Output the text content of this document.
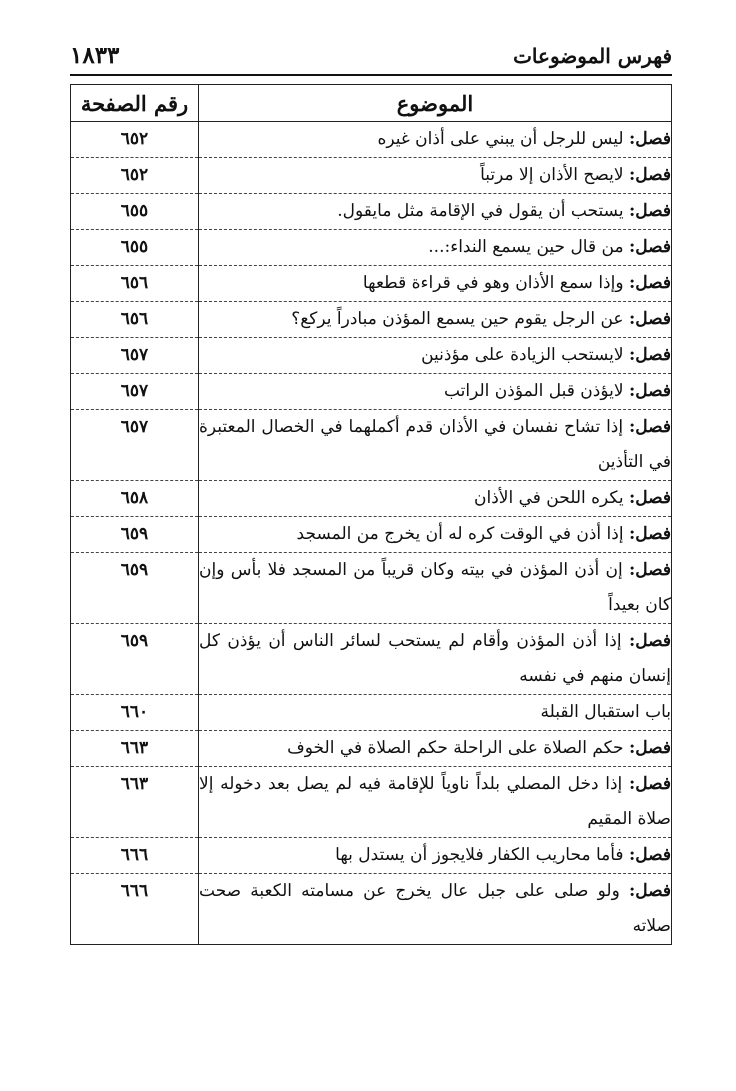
فهرس الموضوعات
١٨٣٣
الموضوع	رقم الصفحة
فصل: ليس للرجل أن يبني على أذان غيره	٦٥٢
فصل: لايصح الأذان إلا مرتباً	٦٥٢
فصل: يستحب أن يقول في الإقامة مثل مايقول.	٦٥٥
فصل: من قال حين يسمع النداء:...	٦٥٥
فصل: وإذا سمع الأذان وهو في قراءة قطعها	٦٥٦
فصل: عن الرجل يقوم حين يسمع المؤذن مبادراً يركع؟	٦٥٦
فصل: لايستحب الزيادة على مؤذنين	٦٥٧
فصل: لايؤذن قبل المؤذن الراتب	٦٥٧
فصل: إذا تشاح نفسان في الأذان قدم أكملهما في الخصال المعتبرة في التأذين	٦٥٧
فصل: يكره اللحن في الأذان	٦٥٨
فصل: إذا أذن في الوقت كره له أن يخرج من المسجد	٦٥٩
فصل: إن أذن المؤذن في بيته وكان قريباً من المسجد فلا بأس وإن كان بعيداً	٦٥٩
فصل: إذا أذن المؤذن وأقام لم يستحب لسائر الناس أن يؤذن كل إنسان منهم في نفسه	٦٥٩
باب استقبال القبلة	٦٦٠
فصل: حكم الصلاة على الراحلة حكم الصلاة في الخوف	٦٦٣
فصل: إذا دخل المصلي بلداً ناوياً للإقامة فيه لم يصل بعد دخوله إلا صلاة المقيم	٦٦٣
فصل: فأما محاريب الكفار فلايجوز أن يستدل بها	٦٦٦
فصل: ولو صلى على جبل عال يخرج عن مسامته الكعبة صحت صلاته	٦٦٦
